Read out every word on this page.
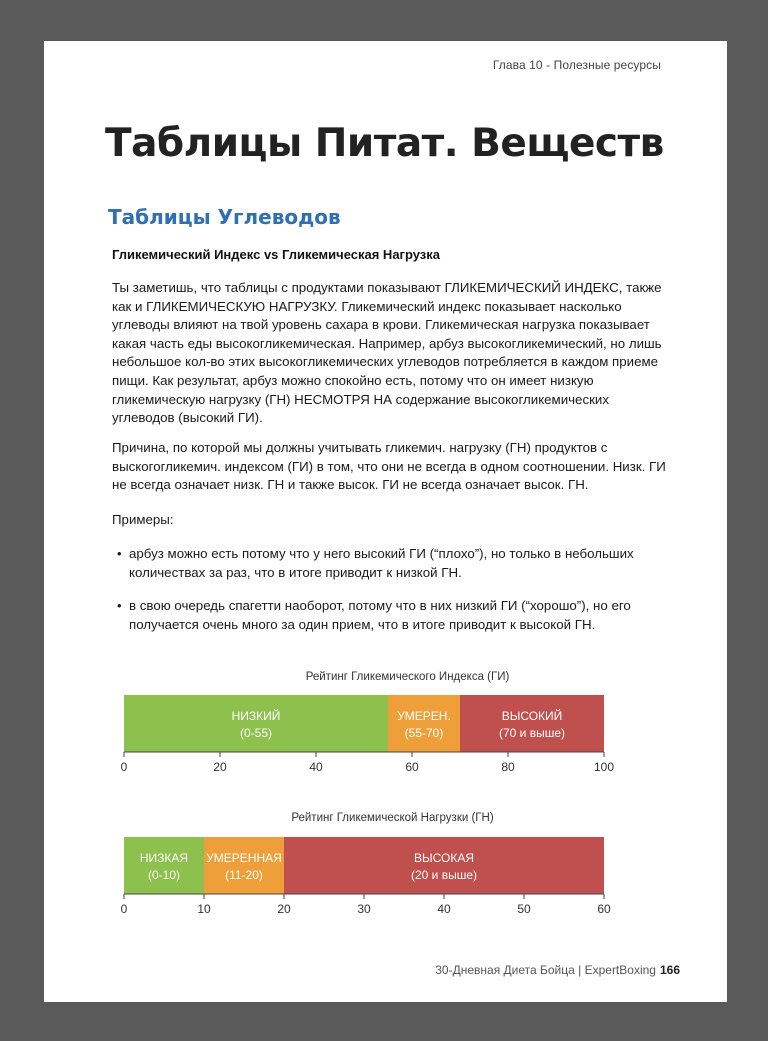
Глава 10 - Полезные ресурсы
Таблицы Питат. Веществ
Таблицы Углеводов
Гликемический Индекс vs Гликемическая Нагрузка

Ты заметишь, что таблицы с продуктами показывают ГЛИКЕМИЧЕСКИЙ ИНДЕКС, также как и ГЛИКЕМИЧЕСКУЮ НАГРУЗКУ. Гликемический индекс показывает насколько углеводы влияют на твой уровень сахара в крови. Гликемическая нагрузка показывает какая часть еды высокогликемическая. Например, арбуз высокогликемический, но лишь небольшое кол-во этих высокогликемических углеводов потребляется в каждом приеме пищи. Как результат, арбуз можно спокойно есть, потому что он имеет низкую гликемическую нагрузку (ГН) НЕСМОТРЯ НА содержание высокогликемических углеводов (высокий ГИ).

Причина, по которой мы должны учитывать гликемич. нагрузку (ГН) продуктов с выскогогликемич. индексом (ГИ) в том, что они не всегда в одном соотношении. Низк. ГИ не всегда означает низк. ГН и также высок. ГИ не всегда означает высок. ГН.

Примеры:

• арбуз можно есть потому что у него высокий ГИ (“плохо”), но только в небольших количествах за раз, что в итоге приводит к низкой ГН.
• в свою очередь спагетти наоборот, потому что в них низкий ГИ (“хорошо”), но его получается очень много за один прием, что в итоге приводит к высокой ГН.
Рейтинг Гликемического Индекса (ГИ)
НИЗКИЙ
(0-55)
УМЕРЕН.
(55-70)
ВЫСОКИЙ
(70 и выше)
0	20	40	60	80	100
Рейтинг Гликемической Нагрузки (ГН)
НИЗКАЯ
(0-10)
УМЕРЕННАЯ
(11-20)
ВЫСОКАЯ
(20 и выше)
0	10	20	30	40	50	60
30-Дневная Диета Бойца | ExpertBoxing 166
